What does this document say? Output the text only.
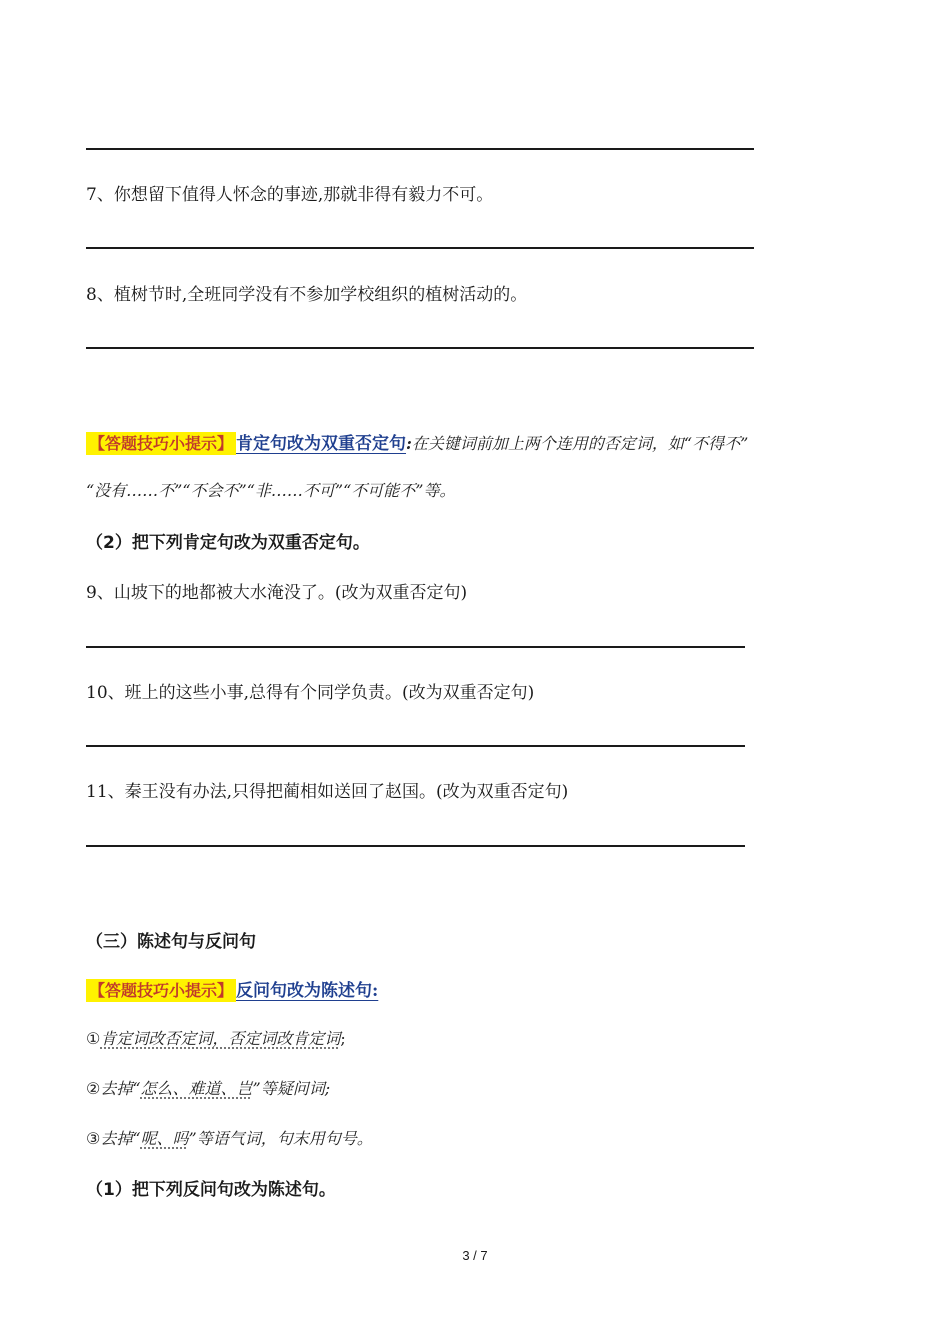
7、你想留下值得人怀念的事迹,那就非得有毅力不可。
8、植树节时,全班同学没有不参加学校组织的植树活动的。
【答题技巧小提示】 肯定句改为双重否定句:在关键词前加上两个连用的否定词，如“不得不”
“没有……不”“不会不”“非……不可”“不可能不”等。
（2）把下列肯定句改为双重否定句。
9、山坡下的地都被大水淹没了。(改为双重否定句)
10、班上的这些小事,总得有个同学负责。(改为双重否定句)
11、秦王没有办法,只得把蔺相如送回了赵国。(改为双重否定句)
（三）陈述句与反问句
【答题技巧小提示】 反问句改为陈述句:
①肯定词改否定词，否定词改肯定词;
②去掉“怎么、难道、岂”等疑问词;
③去掉“呢、吗”等语气词，句末用句号。
（1）把下列反问句改为陈述句。
3 / 7
